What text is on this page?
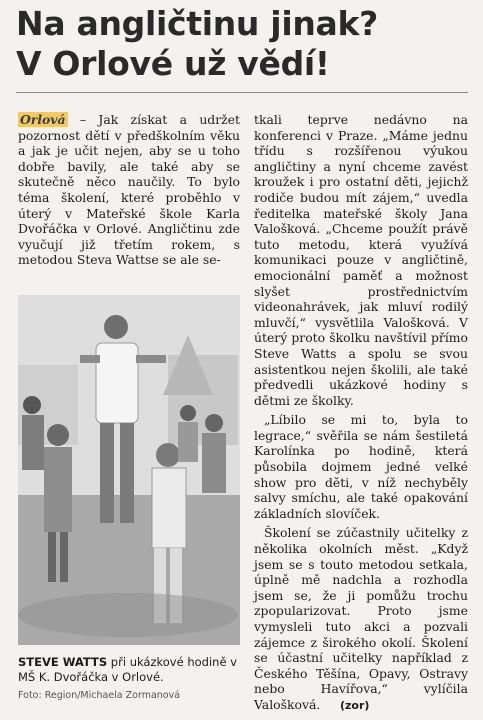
Na angličtinu jinak?
V Orlové už vědí!

Orlová – Jak získat a udržet pozornost dětí v předškolním věku a jak je učit nejen, aby se u toho dobře bavily, ale také aby se skutečně něco naučily. To bylo téma školení, které proběhlo v úterý v Mateřské škole Karla Dvořáčka v Orlové. Angličtinu zde vyučují již třetím rokem, s metodou Steva Wattse se ale se-

STEVE WATTS při ukázkové hodině v MŠ K. Dvořáčka v Orlové.
Foto: Region/Michaela Zormanová

tkali teprve nedávno na konferenci v Praze. „Máme jednu třídu s rozšířenou výukou angličtiny a nyní chceme zavést kroužek i pro ostatní děti, jejichž rodiče budou mít zájem,“ uvedla ředitelka mateřské školy Jana Valošková. „Chceme použít právě tuto metodu, která využívá komunikaci pouze v angličtině, emocionální paměť a možnost slyšet prostřednictvím videonahrávek, jak mluví rodilý mluvčí,“ vysvětlila Valošková. V úterý proto školku navštívil přímo Steve Watts a spolu se svou asistentkou nejen školili, ale také předvedli ukázkové hodiny s dětmi ze školky.

„Líbilo se mi to, byla to legrace,“ svěřila se nám šestiletá Karolínka po hodině, která působila dojmem jedné velké show pro děti, v níž nechyběly salvy smíchu, ale také opakování základních slovíček.

Školení se zúčastnily učitelky z několika okolních měst. „Když jsem se s touto metodou setkala, úplně mě nadchla a rozhodla jsem se, že ji pomůžu trochu zpopularizovat. Proto jsme vymysleli tuto akci a pozvali zájemce z širokého okolí. Školení se účastní učitelky například z Českého Těšína, Opavy, Ostravy nebo Havířova,“ vylíčila Valošková. (zor)
